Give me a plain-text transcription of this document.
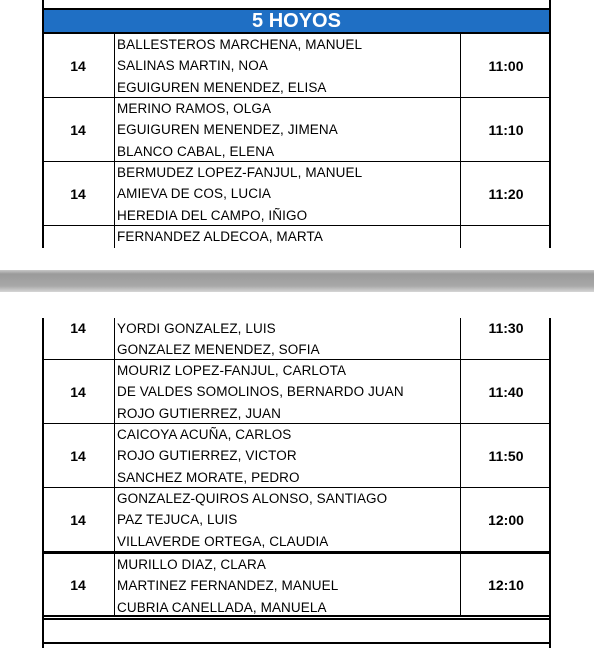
5 HOYOS
14
BALLESTEROS MARCHENA, MANUEL
SALINAS MARTIN, NOA
EGUIGUREN MENENDEZ, ELISA
11:00
14
MERINO RAMOS, OLGA
EGUIGUREN MENENDEZ, JIMENA
BLANCO CABAL, ELENA
11:10
14
BERMUDEZ LOPEZ-FANJUL, MANUEL
AMIEVA DE COS, LUCIA
HEREDIA DEL CAMPO, IÑIGO
11:20
FERNANDEZ ALDECOA, MARTA
14	YORDI GONZALEZ, LUIS
GONZALEZ MENENDEZ, SOFIA
11:30
14
MOURIZ LOPEZ-FANJUL, CARLOTA
DE VALDES SOMOLINOS, BERNARDO JUAN
ROJO GUTIERREZ, JUAN
11:40
14
CAICOYA ACUÑA, CARLOS
ROJO GUTIERREZ, VICTOR
SANCHEZ MORATE, PEDRO
11:50
14
GONZALEZ-QUIROS ALONSO, SANTIAGO
PAZ TEJUCA, LUIS
VILLAVERDE ORTEGA, CLAUDIA
12:00
14
MURILLO DIAZ, CLARA
MARTINEZ FERNANDEZ, MANUEL
CUBRIA CANELLADA, MANUELA
12:10
